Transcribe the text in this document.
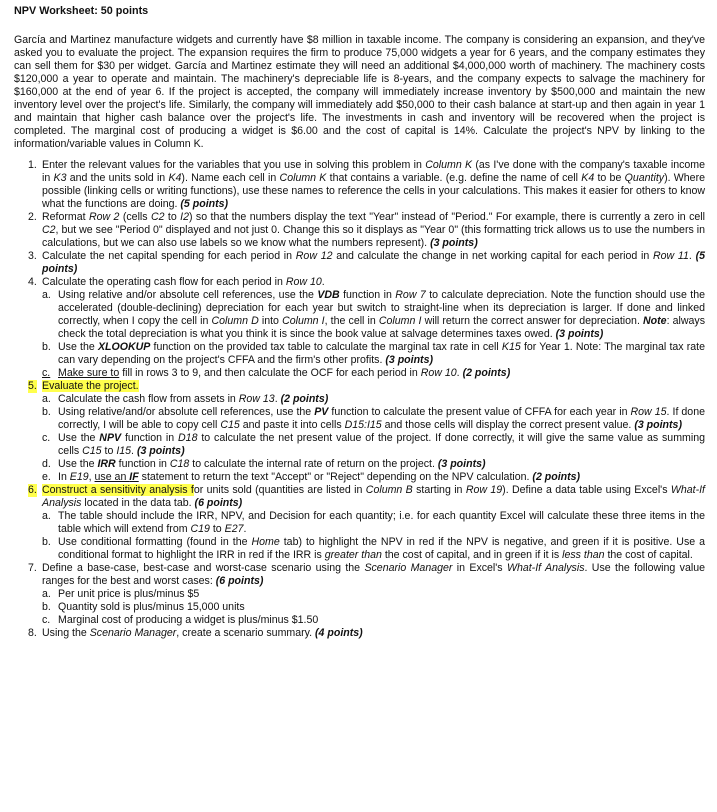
NPV Worksheet: 50 points
García and Martinez manufacture widgets and currently have $8 million in taxable income. The company is considering an expansion, and they've asked you to evaluate the project. The expansion requires the firm to produce 75,000 widgets a year for 6 years, and the company estimates they can sell them for $30 per widget. García and Martinez estimate they will need an additional $4,000,000 worth of machinery. The machinery costs $120,000 a year to operate and maintain. The machinery's depreciable life is 8-years, and the company expects to salvage the machinery for $160,000 at the end of year 6. If the project is accepted, the company will immediately increase inventory by $500,000 and maintain the new inventory level over the project's life. Similarly, the company will immediately add $50,000 to their cash balance at start-up and then again in year 1 and maintain that higher cash balance over the project's life. The investments in cash and inventory will be recovered when the project is completed. The marginal cost of producing a widget is $6.00 and the cost of capital is 14%. Calculate the project's NPV by linking to the information/variable values in Column K.
1. Enter the relevant values for the variables that you use in solving this problem in Column K (as I've done with the company's taxable income in K3 and the units sold in K4). Name each cell in Column K that contains a variable. (e.g. define the name of cell K4 to be Quantity). Where possible (linking cells or writing functions), use these names to reference the cells in your calculations. This makes it easier for others to know what the functions are doing. (5 points)
2. Reformat Row 2 (cells C2 to I2) so that the numbers display the text "Year" instead of "Period." For example, there is currently a zero in cell C2, but we see "Period 0" displayed and not just 0. Change this so it displays as "Year 0" (this formatting trick allows us to use the numbers in calculations, but we can also use labels so we know what the numbers represent). (3 points)
3. Calculate the net capital spending for each period in Row 12 and calculate the change in net working capital for each period in Row 11. (5 points)
4. Calculate the operating cash flow for each period in Row 10.
a. Using relative and/or absolute cell references, use the VDB function in Row 7 to calculate depreciation. Note the function should use the accelerated (double-declining) depreciation for each year but switch to straight-line when its depreciation is larger. If done and linked correctly, when I copy the cell in Column D into Column I, the cell in Column I will return the correct answer for depreciation. Note: always check the total depreciation is what you think it is since the book value at salvage determines taxes owed. (3 points)
b. Use the XLOOKUP function on the provided tax table to calculate the marginal tax rate in cell K15 for Year 1. Note: The marginal tax rate can vary depending on the project's CFFA and the firm's other profits. (3 points)
c. Make sure to fill in rows 3 to 9, and then calculate the OCF for each period in Row 10. (2 points)
5. Evaluate the project.
a. Calculate the cash flow from assets in Row 13. (2 points)
b. Using relative/and/or absolute cell references, use the PV function to calculate the present value of CFFA for each year in Row 15. If done correctly, I will be able to copy cell C15 and paste it into cells D15:I15 and those cells will display the correct present value. (3 points)
c. Use the NPV function in D18 to calculate the net present value of the project. If done correctly, it will give the same value as summing cells C15 to I15. (3 points)
d. Use the IRR function in C18 to calculate the internal rate of return on the project. (3 points)
e. In E19, use an IF statement to return the text "Accept" or "Reject" depending on the NPV calculation. (2 points)
6. Construct a sensitivity analysis for units sold (quantities are listed in Column B starting in Row 19). Define a data table using Excel's What-If Analysis located in the data tab. (6 points)
a. The table should include the IRR, NPV, and Decision for each quantity; i.e. for each quantity Excel will calculate these three items in the table which will extend from C19 to E27.
b. Use conditional formatting (found in the Home tab) to highlight the NPV in red if the NPV is negative, and green if it is positive. Use a conditional format to highlight the IRR in red if the IRR is greater than the cost of capital, and in green if it is less than the cost of capital.
7. Define a base-case, best-case and worst-case scenario using the Scenario Manager in Excel's What-If Analysis. Use the following value ranges for the best and worst cases: (6 points)
a. Per unit price is plus/minus $5
b. Quantity sold is plus/minus 15,000 units
c. Marginal cost of producing a widget is plus/minus $1.50
8. Using the Scenario Manager, create a scenario summary. (4 points)
